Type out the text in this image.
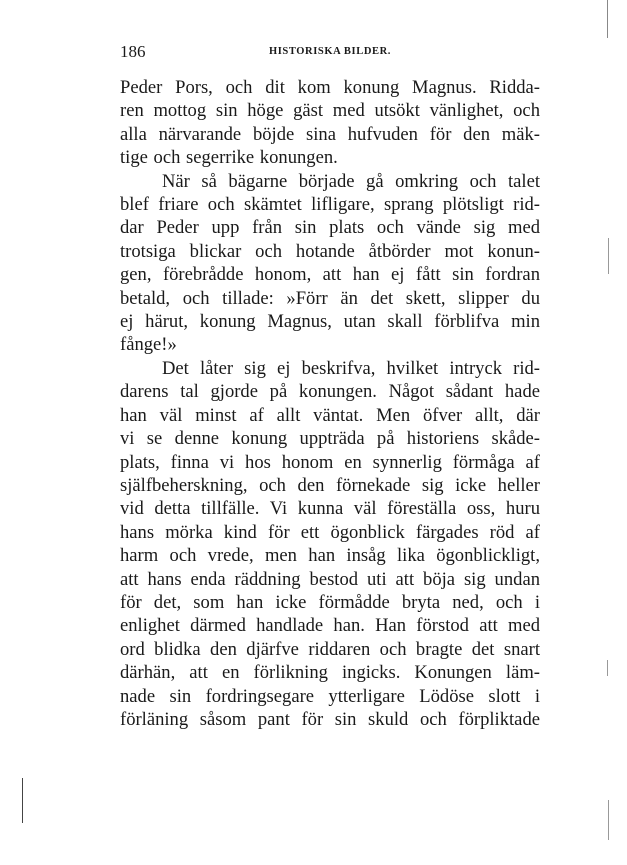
186	HISTORISKA BILDER.

Peder Pors, och dit kom konung Magnus. Ridda-

ren mottog sin höge gäst med utsökt vänlighet, och

alla närvarande böjde sina hufvuden för den mäk-

tige och segerrike konungen.

När så bägarne började gå omkring och talet

blef friare och skämtet lifligare, sprang plötsligt rid-

dar Peder upp från sin plats och vände sig med

trotsiga blickar och hotande åtbörder mot konun-

gen, förebrådde honom, att han ej fått sin fordran

betald, och tillade: »Förr än det skett, slipper du

ej härut, konung Magnus, utan skall förblifva min

fånge!»

Det låter sig ej beskrifva, hvilket intryck rid-

darens tal gjorde på konungen. Något sådant hade

han väl minst af allt väntat. Men öfver allt, där

vi se denne konung uppträda på historiens skåde-

plats, finna vi hos honom en synnerlig förmåga af

själfbeherskning, och den förnekade sig icke heller

vid detta tillfälle. Vi kunna väl föreställa oss, huru

hans mörka kind för ett ögonblick färgades röd af

harm och vrede, men han insåg lika ögonblickligt,

att hans enda räddning bestod uti att böja sig undan

för det, som han icke förmådde bryta ned, och i

enlighet därmed handlade han. Han förstod att med

ord blidka den djärfve riddaren och bragte det snart

därhän, att en förlikning ingicks. Konungen läm-

nade sin fordringsegare ytterligare Lödöse slott i

förläning såsom pant för sin skuld och förpliktade
